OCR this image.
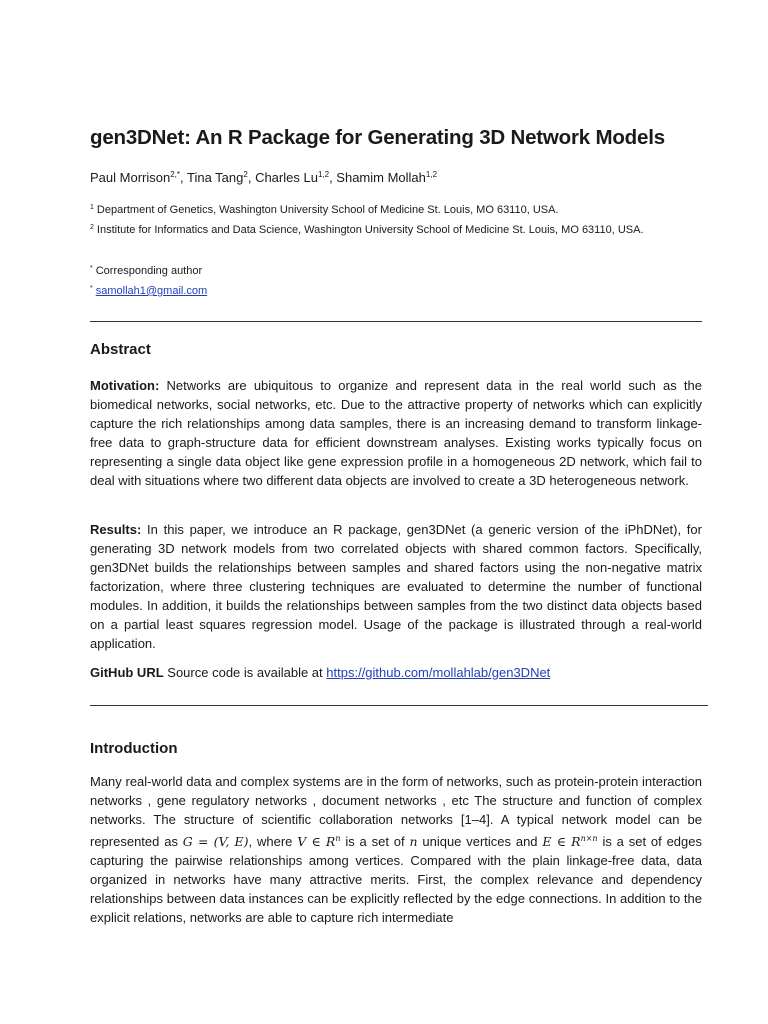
gen3DNet: An R Package for Generating 3D Network Models
Paul Morrison$^{2,*}$, Tina Tang$^2$, Charles Lu$^{1,2}$, Shamim Mollah$^{1,2}$
$^1$ Department of Genetics, Washington University School of Medicine St. Louis, MO 63110, USA.
$^2$ Institute for Informatics and Data Science, Washington University School of Medicine St. Louis, MO 63110, USA.
* Corresponding author
* samollah1@gmail.com
Abstract
Motivation: Networks are ubiquitous to organize and represent data in the real world such as the biomedical networks, social networks, etc. Due to the attractive property of networks which can explicitly capture the rich relationships among data samples, there is an increasing demand to transform linkage-free data to graph-structure data for efficient downstream analyses. Existing works typically focus on representing a single data object like gene expression profile in a homogeneous 2D network, which fail to deal with situations where two different data objects are involved to create a 3D heterogeneous network.
Results: In this paper, we introduce an R package, gen3DNet (a generic version of the iPhDNet), for generating 3D network models from two correlated objects with shared common factors. Specifically, gen3DNet builds the relationships between samples and shared factors using the non-negative matrix factorization, where three clustering techniques are evaluated to determine the number of functional modules. In addition, it builds the relationships between samples from the two distinct data objects based on a partial least squares regression model. Usage of the package is illustrated through a real-world application.
GitHub URL Source code is available at https://github.com/mollahlab/gen3DNet
Introduction
Many real-world data and complex systems are in the form of networks, such as protein-protein interaction networks , gene regulatory networks , document networks , etc The structure and function of complex networks. The structure of scientific collaboration networks [1–4]. A typical network model can be represented as G = (V, E), where V ∈ $R^n$ is a set of n unique vertices and E ∈ $R^{n\times n}$ is a set of edges capturing the pairwise relationships among vertices. Compared with the plain linkage-free data, data organized in networks have many attractive merits. First, the complex relevance and dependency relationships between data instances can be explicitly reflected by the edge connections. In addition to the explicit relations, networks are able to capture rich intermediate
